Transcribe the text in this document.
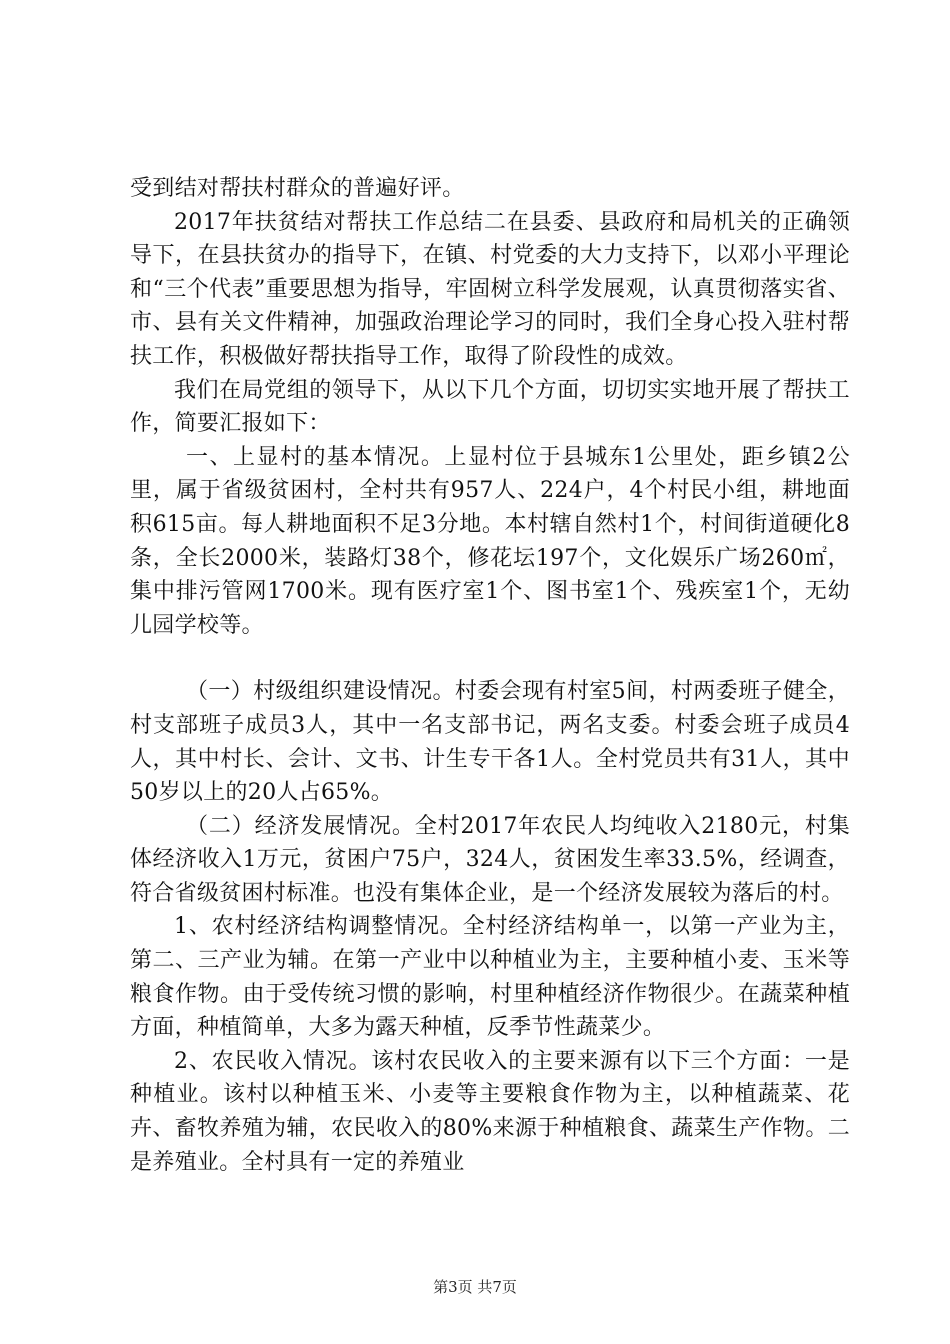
受到结对帮扶村群众的普遍好评。

2017年扶贫结对帮扶工作总结二在县委、县政府和局机关的正确领导下，在县扶贫办的指导下，在镇、村党委的大力支持下，以邓小平理论和“三个代表”重要思想为指导，牢固树立科学发展观，认真贯彻落实省、市、县有关文件精神，加强政治理论学习的同时，我们全身心投入驻村帮扶工作，积极做好帮扶指导工作，取得了阶段性的成效。

我们在局党组的领导下，从以下几个方面，切切实实地开展了帮扶工作，简要汇报如下：

一、上显村的基本情况。上显村位于县城东1公里处，距乡镇2公里，属于省级贫困村，全村共有957人、224户，4个村民小组，耕地面积615亩。每人耕地面积不足3分地。本村辖自然村1个，村间街道硬化8条，全长2000米，装路灯38个，修花坛197个，文化娱乐广场260㎡，集中排污管网1700米。现有医疗室1个、图书室1个、残疾室1个，无幼儿园学校等。

（一）村级组织建设情况。村委会现有村室5间，村两委班子健全，村支部班子成员3人，其中一名支部书记，两名支委。村委会班子成员4人，其中村长、会计、文书、计生专干各1人。全村党员共有31人，其中50岁以上的20人占65%。

（二）经济发展情况。全村2017年农民人均纯收入2180元，村集体经济收入1万元，贫困户75户，324人，贫困发生率33.5%，经调查，符合省级贫困村标准。也没有集体企业，是一个经济发展较为落后的村。

1、农村经济结构调整情况。全村经济结构单一，以第一产业为主，第二、三产业为辅。在第一产业中以种植业为主，主要种植小麦、玉米等粮食作物。由于受传统习惯的影响，村里种植经济作物很少。在蔬菜种植方面，种植简单，大多为露天种植，反季节性蔬菜少。

2、农民收入情况。该村农民收入的主要来源有以下三个方面：一是种植业。该村以种植玉米、小麦等主要粮食作物为主，以种植蔬菜、花卉、畜牧养殖为辅，农民收入的80%来源于种植粮食、蔬菜生产作物。二是养殖业。全村具有一定的养殖业

第3页 共7页
